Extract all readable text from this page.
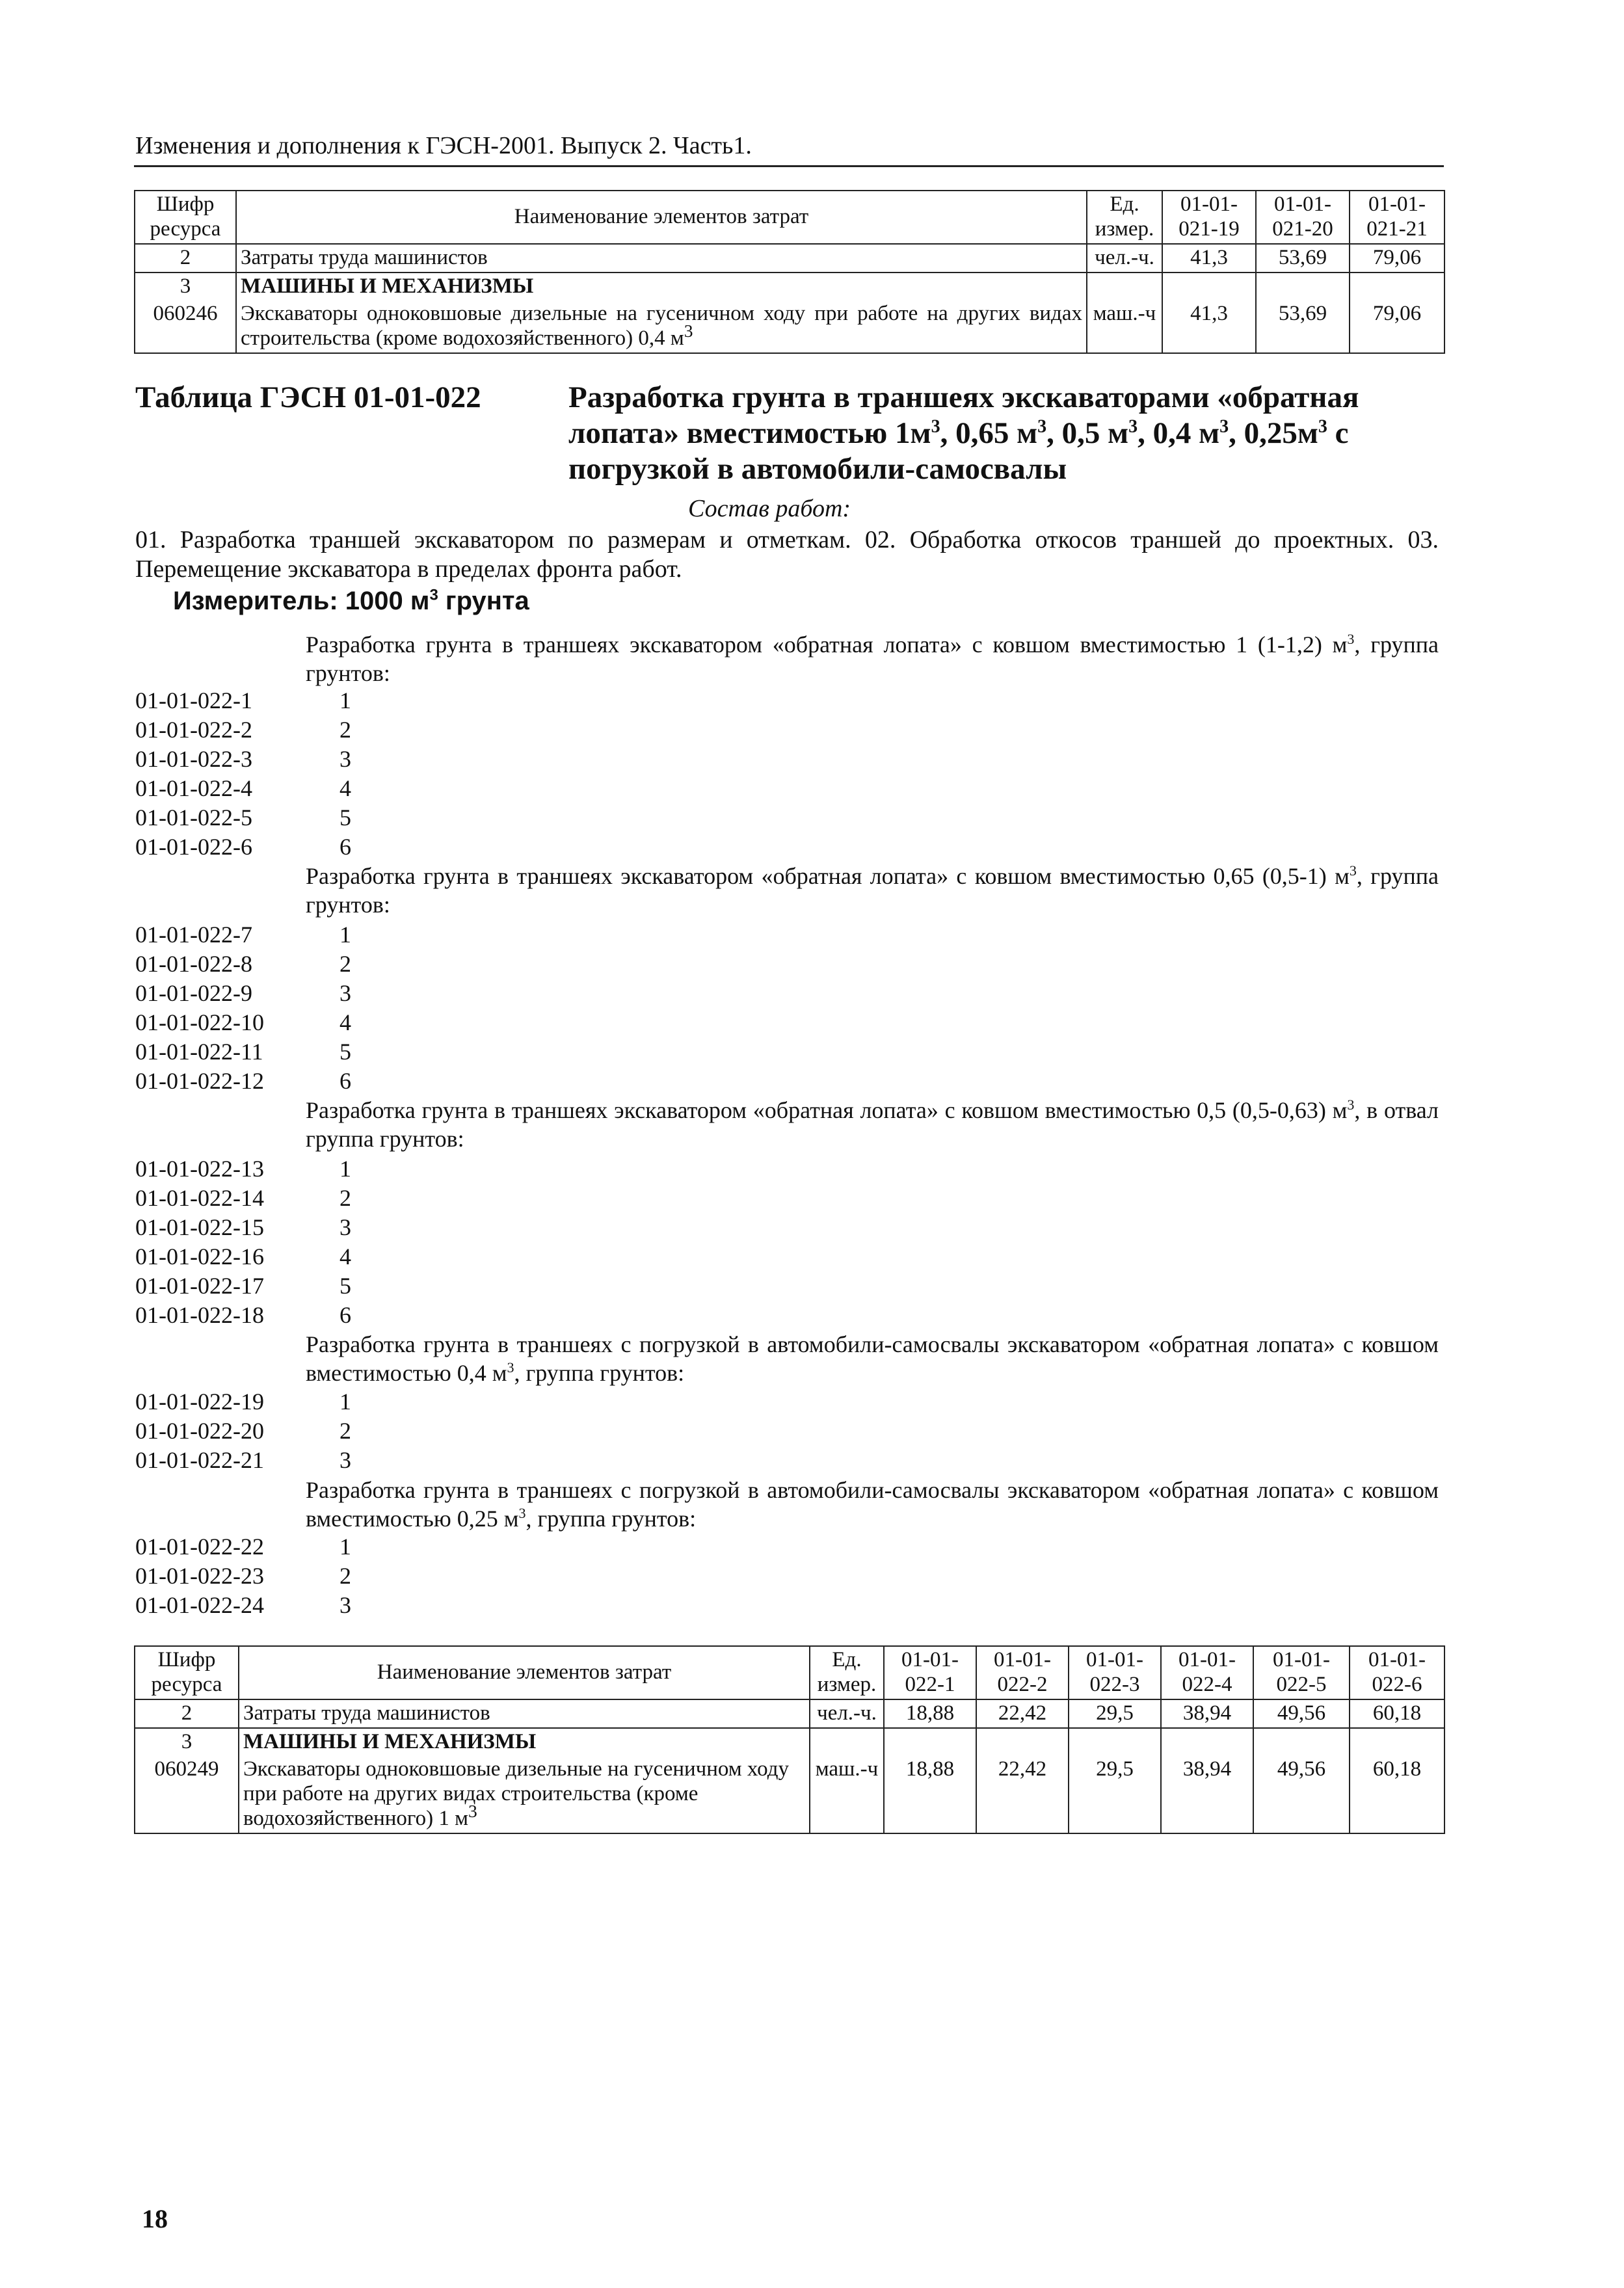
Изменения и дополнения к ГЭСН-2001. Выпуск 2. Часть1.
Шифр ресурса	Наименование элементов затрат	Ед. измер.	01-01-021-19	01-01-021-20	01-01-021-21
2	Затраты труда машинистов	чел.-ч.	41,3	53,69	79,06
3	МАШИНЫ И МЕХАНИЗМЫ				
060246	Экскаваторы одноковшовые дизельные на гусеничном ходу при работе на других видах строительства (кроме водохозяйственного) 0,4 $м^3$	маш.-ч	41,3	53,69	79,06
Таблица ГЭСН 01-01-022	Разработка грунта в траншеях экскаваторами «обратная лопата» вместимостью $1м^3$, 0,65 $м^3$, 0,5 $м^3$, 0,4 $м^3$, $0,25м^3$ с погрузкой в автомобили-самосвалы
Состав работ:
01. Разработка траншей экскаватором по размерам и отметкам. 02. Обработка откосов траншей до проектных. 03. Перемещение экскаватора в пределах фронта работ.
Измеритель: 1000 $м^3$ грунта
Разработка грунта в траншеях экскаватором «обратная лопата» с ковшом вместимостью 1 (1-1,2) $м^3$, группа грунтов:
01-01-022-1	1
01-01-022-2	2
01-01-022-3	3
01-01-022-4	4
01-01-022-5	5
01-01-022-6	6
Разработка грунта в траншеях экскаватором «обратная лопата» с ковшом вместимостью 0,65 (0,5-1) $м^3$, группа грунтов:
01-01-022-7	1
01-01-022-8	2
01-01-022-9	3
01-01-022-10	4
01-01-022-11	5
01-01-022-12	6
Разработка грунта в траншеях экскаватором «обратная лопата» с ковшом вместимостью 0,5 (0,5-0,63) $м^3$, в отвал группа грунтов:
01-01-022-13	1
01-01-022-14	2
01-01-022-15	3
01-01-022-16	4
01-01-022-17	5
01-01-022-18	6
Разработка грунта в траншеях с погрузкой в автомобили-самосвалы экскаватором «обратная лопата» с ковшом вместимостью 0,4 $м^3$, группа грунтов:
01-01-022-19	1
01-01-022-20	2
01-01-022-21	3
Разработка грунта в траншеях с погрузкой в автомобили-самосвалы экскаватором «обратная лопата» с ковшом вместимостью 0,25 $м^3$, группа грунтов:
01-01-022-22	1
01-01-022-23	2
01-01-022-24	3
Шифр ресурса	Наименование элементов затрат	Ед. измер.	01-01-022-1	01-01-022-2	01-01-022-3	01-01-022-4	01-01-022-5	01-01-022-6
2	Затраты труда машинистов	чел.-ч.	18,88	22,42	29,5	38,94	49,56	60,18
3	МАШИНЫ И МЕХАНИЗМЫ							
060249	Экскаваторы одноковшовые дизельные на гусеничном ходу при работе на других видах строительства (кроме водохозяйственного) 1 $м^3$	маш.-ч	18,88	22,42	29,5	38,94	49,56	60,18
18
